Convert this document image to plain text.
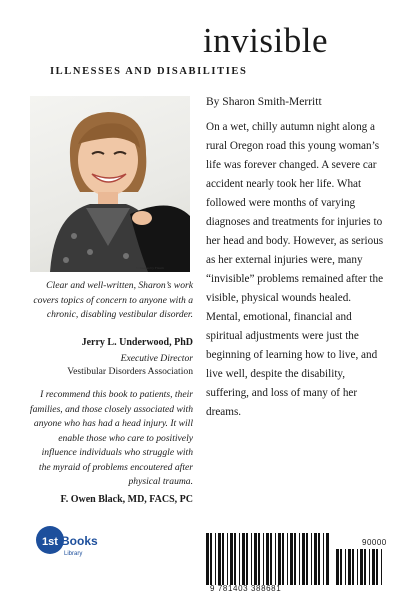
invisible
ILLNESSES AND DISABILITIES
© Images by Flaum
By Sharon Smith-Merritt
On a wet, chilly autumn night along a rural Oregon road this young woman’s life was forever changed. A severe car accident nearly took her life. What followed were months of varying diagnoses and treatments for injuries to her head and body. However, as serious as her external injuries were, many “invisible” problems remained after the visible, physical wounds healed. Mental, emotional, financial and spiritual adjustments were just the beginning of learning how to live, and live well, despite the disability, suffering, and loss of many of her dreams.
Clear and well-written, Sharon’s work covers topics of concern to anyone with a chronic, disabling vestibular disorder.
Jerry L. Underwood, PhD
Executive Director
Vestibular Disorders Association
I recommend this book to patients, their families, and those closely associated with anyone who has had a head injury. It will enable those who care to positively influence individuals who struggle with the myraid of problems encoutered after physical trauma.
F. Owen Black, MD, FACS, PC
1st Books
Library
90000
9 781403 388681
